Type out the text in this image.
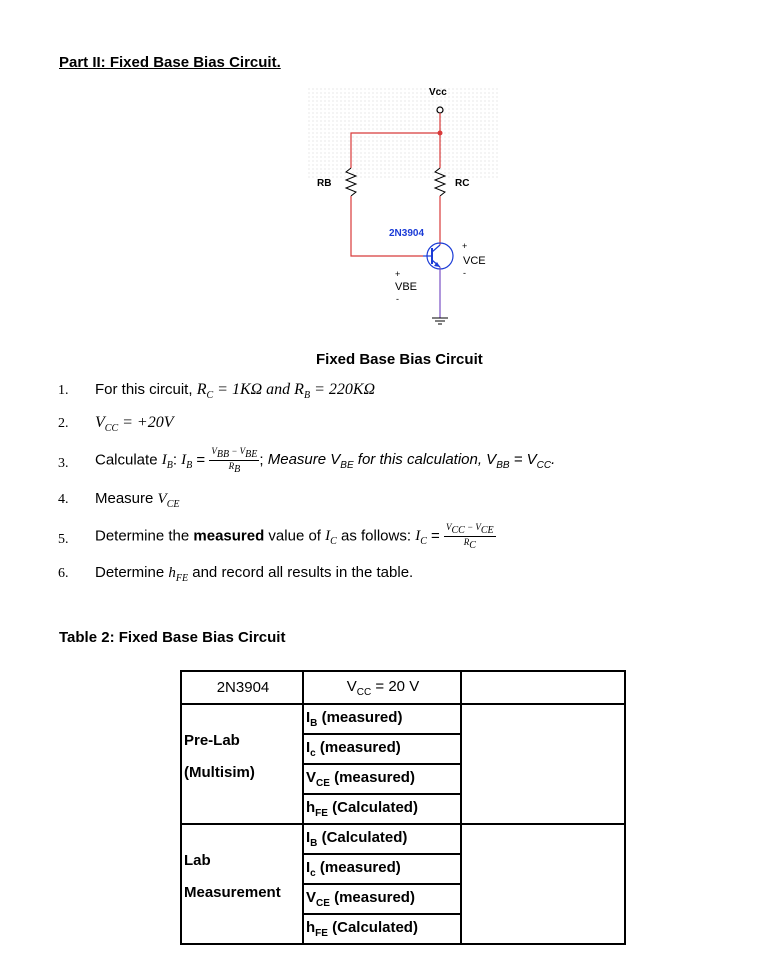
Part II: Fixed Base Bias Circuit.
Vcc
RB	RC
2N3904
+
VCE
-
+
VBE
-
Fixed Base Bias Circuit
1. For this circuit, $R_C = 1K\Omega$ and $R_B = 220K\Omega$
2. $V_{CC} = +20V$
3. Calculate $I_B$: $I_B = \frac{V_{BB} - V_{BE}}{R_B}$ ; Measure $V_{BE}$ for this calculation, $V_{BB} = V_{CC}$.
4. Measure $V_{CE}$
5. Determine the measured value of $I_C$ as follows: $I_C = \frac{V_{CC} - V_{CE}}{R_C}$
6. Determine $h_{FE}$ and record all results in the table.
Table 2: Fixed Base Bias Circuit
2N3904	$V_{CC} = 20$ V	

Pre-Lab
(Multisim)	$I_B$ (measured)	
	$I_c$ (measured)	
	$V_{CE}$ (measured)	
	$h_{FE}$ (Calculated)	

Lab
Measurement	$I_B$ (Calculated)	
	$I_c$ (measured)	
	$V_{CE}$ (measured)	
	$h_{FE}$ (Calculated)	
